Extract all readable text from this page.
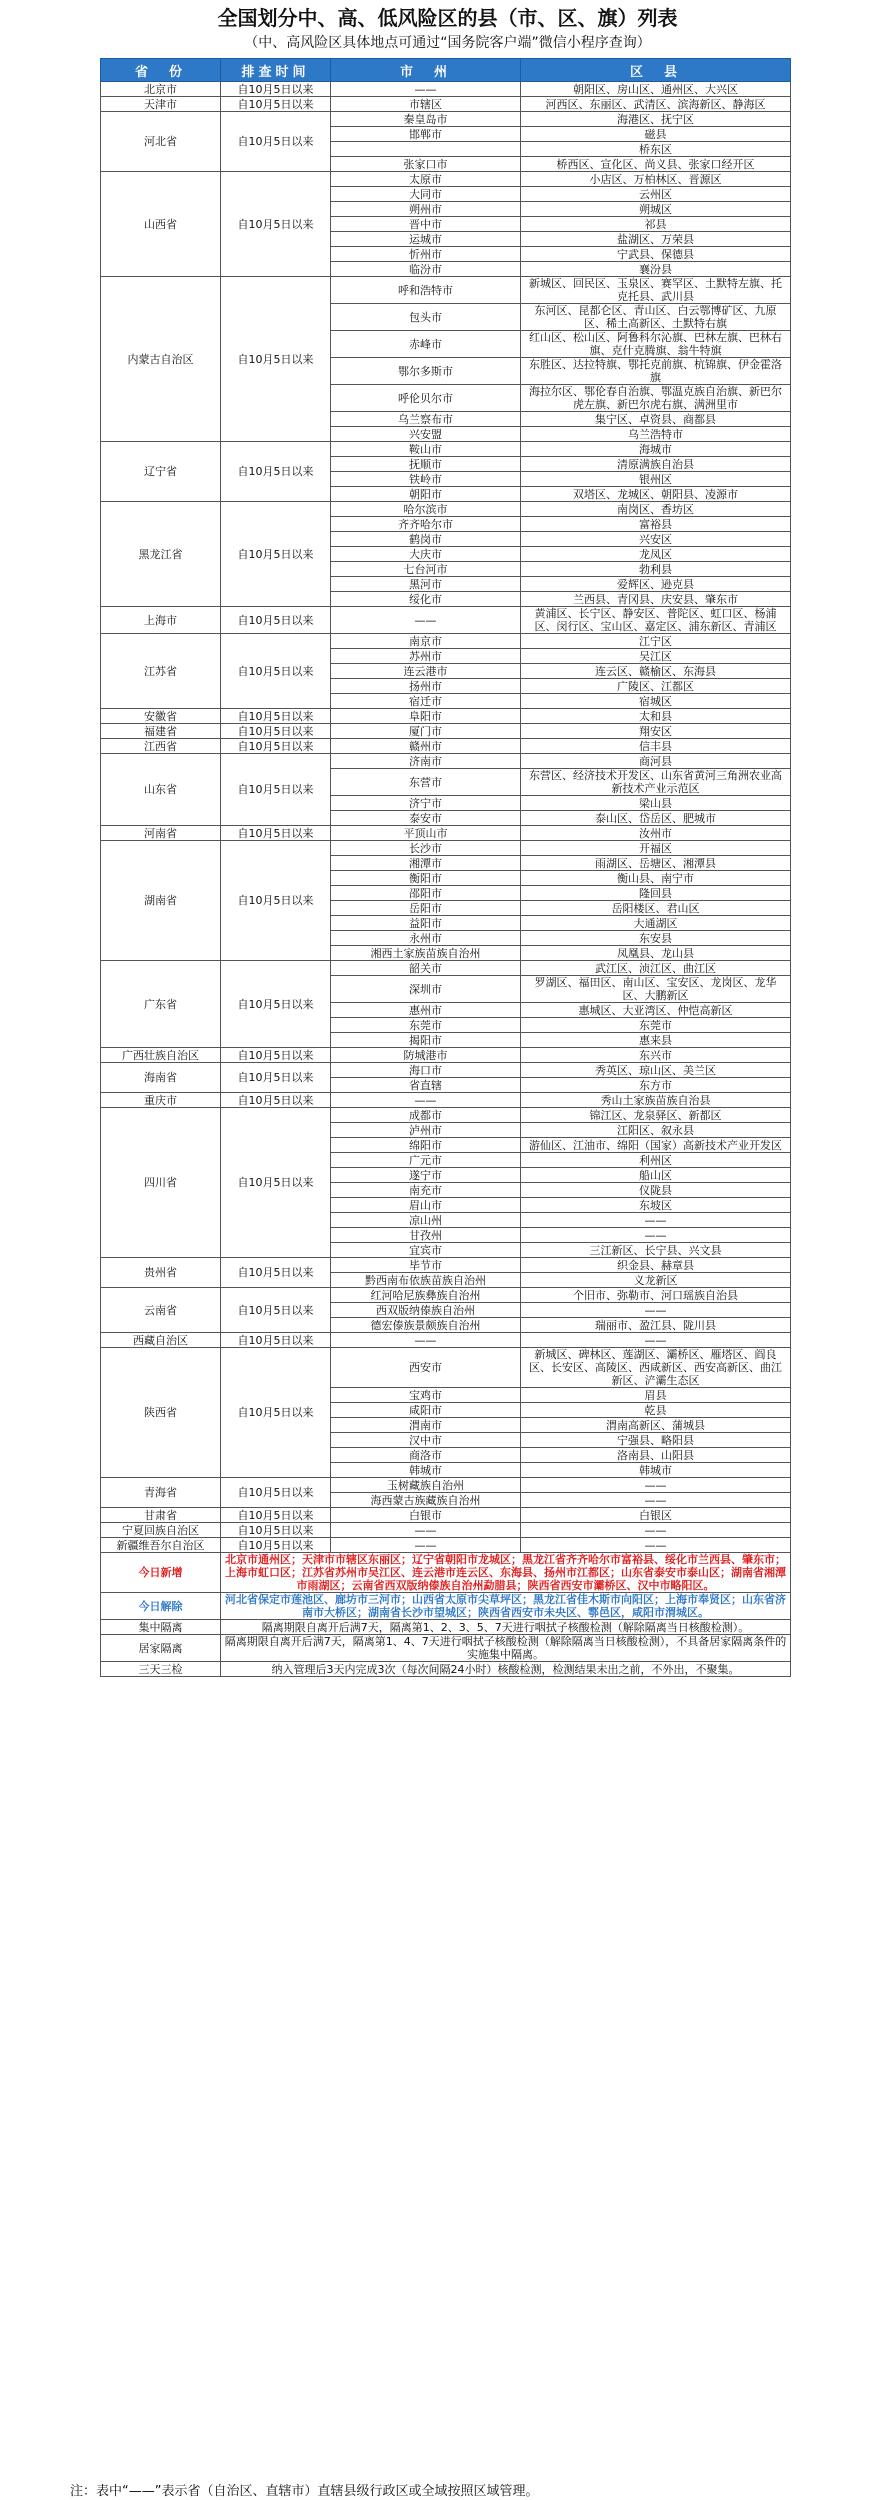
全国划分中、高、低风险区的县（市、区、旗）列表
（中、高风险区具体地点可通过“国务院客户端”微信小程序查询）
省　份	排查时间	市　州	区　县
北京市	自10月5日以来	——	朝阳区、房山区、通州区、大兴区
天津市	自10月5日以来	市辖区	河西区、东丽区、武清区、滨海新区、静海区
河北省	自10月5日以来	秦皇岛市	海港区、抚宁区
		邯郸市	磁县
			桥东区
		张家口市	桥西区、宣化区、尚义县、张家口经开区
山西省	自10月5日以来	太原市	小店区、万柏林区、晋源区
		大同市	云州区
		朔州市	朔城区
		晋中市	祁县
		运城市	盐湖区、万荣县
		忻州市	宁武县、保德县
		临汾市	襄汾县
内蒙古自治区	自10月5日以来	呼和浩特市	新城区、回民区、玉泉区、赛罕区、土默特左旗、托克托县、武川县
		包头市	东河区、昆都仑区、青山区、白云鄂博矿区、九原区、稀土高新区、土默特右旗
		赤峰市	红山区、松山区、阿鲁科尔沁旗、巴林左旗、巴林右旗、克什克腾旗、翁牛特旗
		鄂尔多斯市	东胜区、达拉特旗、鄂托克前旗、杭锦旗、伊金霍洛旗
		呼伦贝尔市	海拉尔区、鄂伦春自治旗、鄂温克族自治旗、新巴尔虎左旗、新巴尔虎右旗、满洲里市
		乌兰察布市	集宁区、卓资县、商都县
		兴安盟	乌兰浩特市
辽宁省	自10月5日以来	鞍山市	海城市
		抚顺市	清原满族自治县
		铁岭市	银州区
		朝阳市	双塔区、龙城区、朝阳县、凌源市
黑龙江省	自10月5日以来	哈尔滨市	南岗区、香坊区
		齐齐哈尔市	富裕县
		鹤岗市	兴安区
		大庆市	龙凤区
		七台河市	勃利县
		黑河市	爱辉区、逊克县
		绥化市	兰西县、青冈县、庆安县、肇东市
上海市	自10月5日以来	——	黄浦区、长宁区、静安区、普陀区、虹口区、杨浦区、闵行区、宝山区、嘉定区、浦东新区、青浦区
江苏省	自10月5日以来	南京市	江宁区
		苏州市	吴江区
		连云港市	连云区、赣榆区、东海县
		扬州市	广陵区、江都区
		宿迁市	宿城区
安徽省	自10月5日以来	阜阳市	太和县
福建省	自10月5日以来	厦门市	翔安区
江西省	自10月5日以来	赣州市	信丰县
山东省	自10月5日以来	济南市	商河县
		东营市	东营区、经济技术开发区、山东省黄河三角洲农业高新技术产业示范区
		济宁市	梁山县
		泰安市	泰山区、岱岳区、肥城市
河南省	自10月5日以来	平顶山市	汝州市
湖南省	自10月5日以来	长沙市	开福区
		湘潭市	雨湖区、岳塘区、湘潭县
		衡阳市	衡山县、南宁市
		邵阳市	隆回县
		岳阳市	岳阳楼区、君山区
		益阳市	大通湖区
		永州市	东安县
		湘西土家族苗族自治州	凤凰县、龙山县
广东省	自10月5日以来	韶关市	武江区、浈江区、曲江区
		深圳市	罗湖区、福田区、南山区、宝安区、龙岗区、龙华区、大鹏新区
		惠州市	惠城区、大亚湾区、仲恺高新区
		东莞市	东莞市
		揭阳市	惠来县
广西壮族自治区	自10月5日以来	防城港市	东兴市
海南省	自10月5日以来	海口市	秀英区、琼山区、美兰区
		省直辖	东方市
重庆市	自10月5日以来	——	秀山土家族苗族自治县
四川省	自10月5日以来	成都市	锦江区、龙泉驿区、新都区
		泸州市	江阳区、叙永县
		绵阳市	游仙区、江油市、绵阳（国家）高新技术产业开发区
		广元市	利州区
		遂宁市	船山区
		南充市	仪陇县
		眉山市	东坡区
		凉山州	——
		甘孜州	——
		宜宾市	三江新区、长宁县、兴文县
贵州省	自10月5日以来	毕节市	织金县、赫章县
		黔西南布依族苗族自治州	义龙新区
云南省	自10月5日以来	红河哈尼族彝族自治州	个旧市、弥勒市、河口瑶族自治县
		西双版纳傣族自治州	——
		德宏傣族景颇族自治州	瑞丽市、盈江县、陇川县
西藏自治区	自10月5日以来	——	——
陕西省	自10月5日以来	西安市	新城区、碑林区、莲湖区、灞桥区、雁塔区、阎良区、长安区、高陵区、西咸新区、西安高新区、曲江新区、浐灞生态区
		宝鸡市	眉县
		咸阳市	乾县
		渭南市	渭南高新区、蒲城县
		汉中市	宁强县、略阳县
		商洛市	洛南县、山阳县
		韩城市	韩城市
青海省	自10月5日以来	玉树藏族自治州	——
		海西蒙古族藏族自治州	——
甘肃省	自10月5日以来	白银市	白银区
宁夏回族自治区	自10月5日以来	——	——
新疆维吾尔自治区	自10月5日以来	——	——
今日新增	北京市通州区；天津市市辖区东丽区；辽宁省朝阳市龙城区；黑龙江省齐齐哈尔市富裕县、绥化市兰西县、肇东市；上海市虹口区；江苏省苏州市吴江区、连云港市连云区、东海县、扬州市江都区；山东省泰安市泰山区；湖南省湘潭市雨湖区；云南省西双版纳傣族自治州勐腊县；陕西省西安市灞桥区、汉中市略阳区。		
今日解除	河北省保定市莲池区、廊坊市三河市；山西省太原市尖草坪区；黑龙江省佳木斯市向阳区；上海市奉贤区；山东省济南市大桥区；湖南省长沙市望城区；陕西省西安市未央区、鄠邑区，咸阳市渭城区。		
集中隔离	隔离期限自离开后满7天，隔离第1、2、3、5、7天进行咽拭子核酸检测（解除隔离当日核酸检测）。		
居家隔离	隔离期限自离开后满7天，隔离第1、4、7天进行咽拭子核酸检测（解除隔离当日核酸检测），不具备居家隔离条件的实施集中隔离。		
三天三检	纳入管理后3天内完成3次（每次间隔24小时）核酸检测，检测结果未出之前，不外出，不聚集。		
注：表中“——”表示省（自治区、直辖市）直辖县级行政区或全域按照区域管理。
